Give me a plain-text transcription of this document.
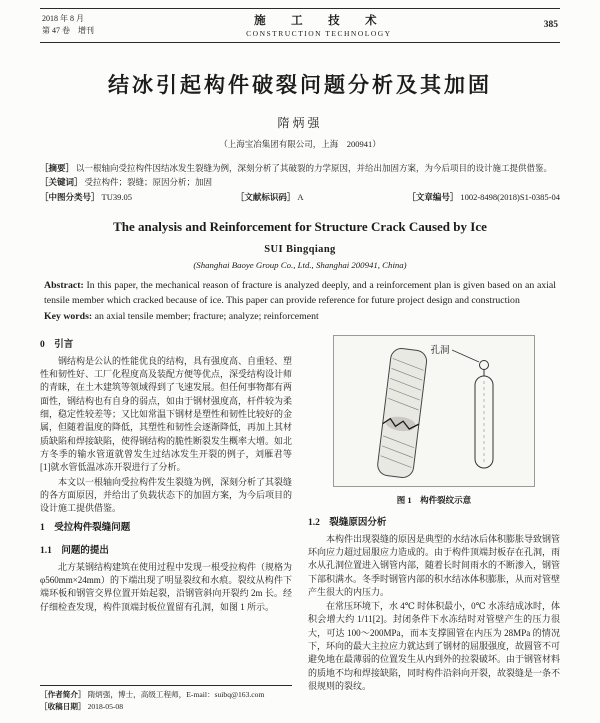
2018 年 8 月
第 47 卷　增刊
施　工　技　术
CONSTRUCTION TECHNOLOGY
385
结冰引起构件破裂问题分析及其加固
隋炳强
（上海宝冶集团有限公司，上海　200941）

［摘要］ 以一根轴向受拉构件因结冰发生裂缝为例，深刻分析了其破裂的力学原因，并给出加固方案，为今后项目的设计施工提供借鉴。

［关键词］ 受拉构件；裂缝；原因分析；加固

［中图分类号］ TU39.05	［文献标识码］ A	［文章编号］ 1002-8498(2018)S1-0385-04

The analysis and Reinforcement for Structure Crack Caused by Ice
SUI Bingqiang
(Shanghai Baoye Group Co., Ltd., Shanghai 200941, China)

Abstract: In this paper, the mechanical reason of fracture is analyzed deeply, and a reinforcement plan is given based on an axial tensile member which cracked because of ice. This paper can provide reference for future project design and construction

Key words: an axial tensile member; fracture; analyze; reinforcement

0　引言

钢结构是公认的性能优良的结构，具有强度高、自重轻、塑性和韧性好、工厂化程度高及装配方便等优点，深受结构设计师的青睐，在土木建筑等领域得到了飞速发展。但任何事物都有两面性，钢结构也有自身的弱点，如由于钢材强度高，杆件较为柔细，稳定性较差等；又比如常温下钢材是塑性和韧性比较好的金属，但随着温度的降低，其塑性和韧性会逐渐降低，再加上其材质缺陷和焊接缺陷，使得钢结构的脆性断裂发生概率大增。如北方冬季的输水管道就曾发生过结冰发生开裂的例子，刘雁君等[1]就水管低温冰冻开裂进行了分析。

本文以一根轴向受拉构件发生裂缝为例，深刻分析了其裂缝的各方面原因，并给出了负载状态下的加固方案，为今后项目的设计施工提供借鉴。

1　受拉构件裂缝问题
1.1　问题的提出

北方某钢结构建筑在使用过程中发现一根受拉构件（规格为 φ560mm×24mm）的下端出现了明显裂纹和水痕。裂纹从构件下端环板和钢管交界位置开始起裂，沿钢管斜向开裂约 2m 长。经仔细检查发现，构件顶端封板位置留有孔洞，如图 1 所示。

［作者简介］ 隋炳强，博士，高级工程师，E-mail：suibq@163.com

［收稿日期］ 2018-05-08

孔洞
图 1　构件裂纹示意
1.2　裂缝原因分析

本构件出现裂缝的原因是典型的水结冰后体积膨胀导致钢管环向应力超过屈服应力造成的。由于构件顶端封板存在孔洞，雨水从孔洞位置进入钢管内部，随着长时间雨水的不断渗入，钢管下部积满水。冬季时钢管内部的积水结冰体积膨胀，从而对管壁产生很大的内压力。

在常压环境下，水 4℃ 时体积最小，0℃ 水冻结成冰时，体积会增大约 1/11[2]。封闭条件下水冻结时对管壁产生的压力很大，可达 100～200MPa，而本支撑圆管在内压为 28MPa 的情况下，环向的最大主拉应力就达到了钢材的屈服强度，故圆管不可避免地在最薄弱的位置发生从内到外的拉裂破坏。由于钢管材料的质地不均和焊接缺陷，同时构件沿斜向开裂，故裂缝是一条不很规则的裂纹。
